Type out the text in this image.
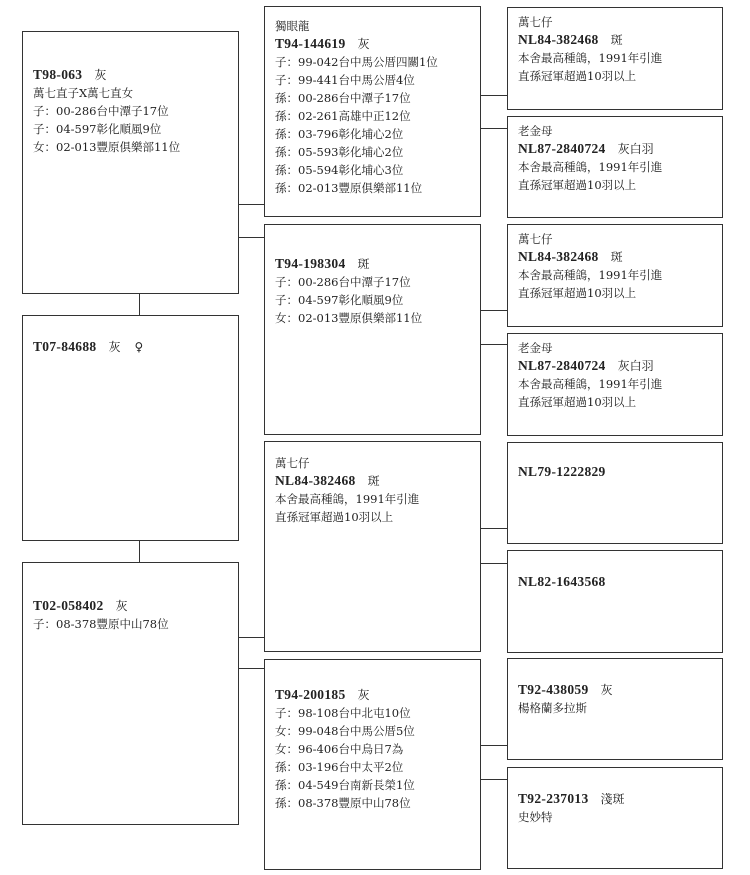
T98-063 灰
萬七直子X萬七直女
子：00-286台中潭子17位
子：04-597彰化順風9位
女：02-013豐原俱樂部11位
T07-84688 灰 ♀
T02-058402 灰
子：08-378豐原中山78位
獨眼龍
T94-144619 灰
子：99-042台中馬公厝四關1位
子：99-441台中馬公厝4位
孫：00-286台中潭子17位
孫：02-261高雄中正12位
孫：03-796彰化埔心2位
孫：05-593彰化埔心2位
孫：05-594彰化埔心3位
孫：02-013豐原俱樂部11位
T94-198304 斑
子：00-286台中潭子17位
子：04-597彰化順風9位
女：02-013豐原俱樂部11位
萬七仔
NL84-382468 斑
本舍最高種鴿，1991年引進
直孫冠軍超過10羽以上
T94-200185 灰
子：98-108台中北屯10位
女：99-048台中馬公厝5位
女：96-406台中烏日7為
孫：03-196台中太平2位
孫：04-549台南新長榮1位
孫：08-378豐原中山78位
萬七仔
NL84-382468 斑
本舍最高種鴿，1991年引進
直孫冠軍超過10羽以上
老金母
NL87-2840724 灰白羽
本舍最高種鴿，1991年引進
直孫冠軍超過10羽以上
萬七仔
NL84-382468 斑
本舍最高種鴿，1991年引進
直孫冠軍超過10羽以上
老金母
NL87-2840724 灰白羽
本舍最高種鴿，1991年引進
直孫冠軍超過10羽以上
NL79-1222829
NL82-1643568
T92-438059 灰
楊格蘭多拉斯
T92-237013 淺斑
史妙特
